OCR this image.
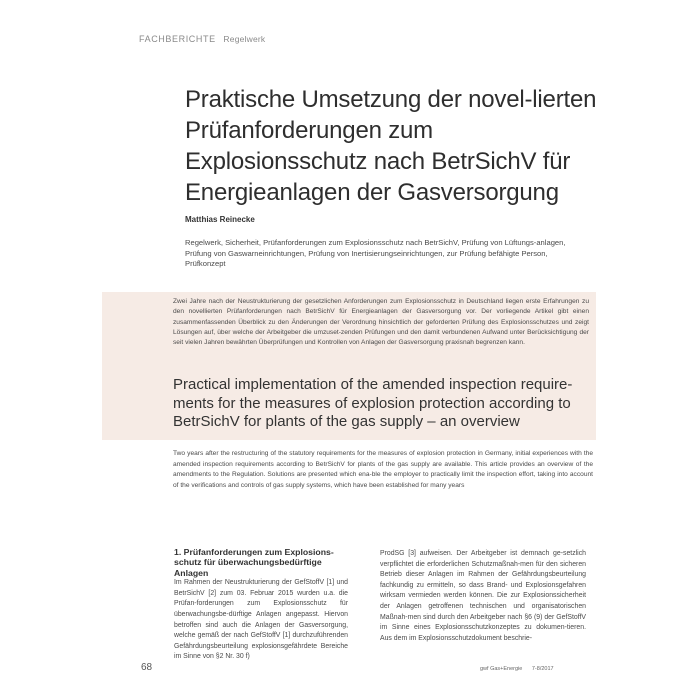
FACHBERICHTE Regelwerk
Praktische Umsetzung der novel-lierten Prüfanforderungen zum Explosionsschutz nach BetrSichV für Energieanlagen der Gasversorgung
Matthias Reinecke

Regelwerk, Sicherheit, Prüfanforderungen zum Explosionsschutz nach BetrSichV, Prüfung von Lüftungs-anlagen, Prüfung von Gaswarneinrichtungen, Prüfung von Inertisierungseinrichtungen, zur Prüfung befähigte Person, Prüfkonzept

Zwei Jahre nach der Neustrukturierung der gesetzlichen Anforderungen zum Explosionsschutz in Deutschland liegen erste Erfahrungen zu den novellierten Prüfanforderungen nach BetrSichV für Energieanlagen der Gasversorgung vor. Der vorliegende Artikel gibt einen zusammenfassenden Überblick zu den Änderungen der Verordnung hinsichtlich der geforderten Prüfung des Explosionsschutzes und zeigt Lösungen auf, über welche der Arbeitgeber die umzuset-zenden Prüfungen und den damit verbundenen Aufwand unter Berücksichtigung der seit vielen Jahren bewährten Überprüfungen und Kontrollen von Anlagen der Gasversorgung praxisnah begrenzen kann.

Practical implementation of the amended inspection require-ments for the measures of explosion protection according to BetrSichV for plants of the gas supply – an overview

Two years after the restructuring of the statutory requirements for the measures of explosion protection in Germany, initial experiences with the amended inspection requirements according to BetrSichV for plants of the gas supply are available. This article provides an overview of the amendments to the Regulation. Solutions are presented which ena-ble the employer to practically limit the inspection effort, taking into account of the verifications and controls of gas supply systems, which have been established for many years

1. Prüfanforderungen zum Explosions-schutz für überwachungsbedürftige Anlagen

Im Rahmen der Neustrukturierung der GefStoffV [1] und BetrSichV [2] zum 03. Februar 2015 wurden u.a. die Prüfan-forderungen zum Explosionsschutz für überwachungsbe-dürftige Anlagen angepasst. Hiervon betroffen sind auch die Anlagen der Gasversorgung, welche gemäß der nach GefStoffV [1] durchzuführenden Gefährdungsbeurteilung explosionsgefährdete Bereiche im Sinne von §2 Nr. 30 f)

ProdSG [3] aufweisen. Der Arbeitgeber ist demnach ge-setzlich verpflichtet die erforderlichen Schutzmaßnah-men für den sicheren Betrieb dieser Anlagen im Rahmen der Gefährdungsbeurteilung fachkundig zu ermitteln, so dass Brand- und Explosionsgefahren wirksam vermieden werden können. Die zur Explosionssicherheit der Anlagen getroffenen technischen und organisatorischen Maßnah-men sind durch den Arbeitgeber nach §6 (9) der GefStoffV im Sinne eines Explosionsschutzkonzeptes zu dokumen-tieren. Aus dem im Explosionsschutzdokument beschrie-

68	gwf Gas+Energie 7-8/2017
